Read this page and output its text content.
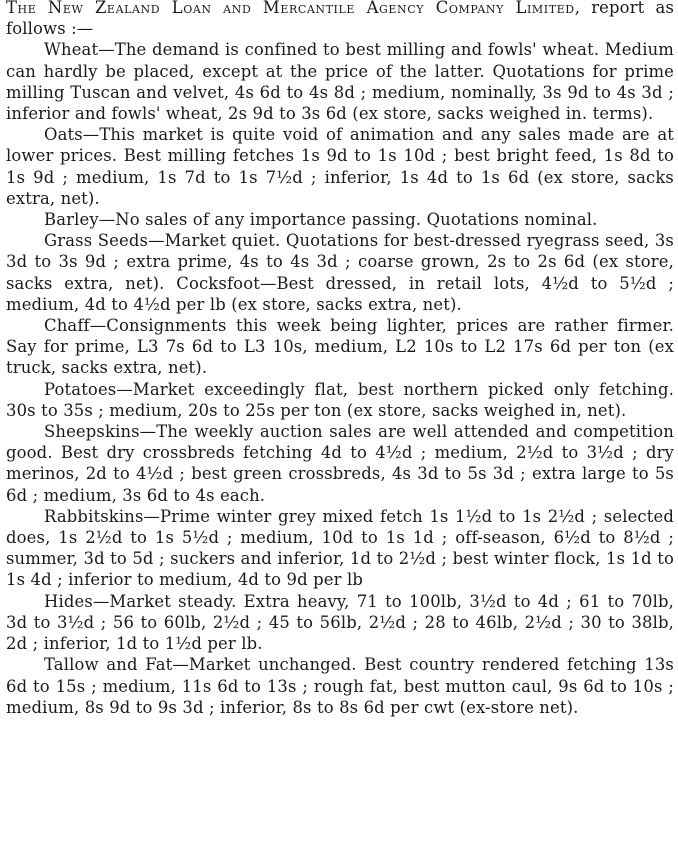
The New Zealand Loan and Mercantile Agency Company Limited, report as follows :—

Wheat—The demand is confined to best milling and fowls' wheat. Medium can hardly be placed, except at the price of the latter. Quotations for prime milling Tuscan and velvet, 4s 6d to 4s 8d ; medium, nominally, 3s 9d to 4s 3d ; inferior and fowls' wheat, 2s 9d to 3s 6d (ex store, sacks weighed in. terms).

Oats—This market is quite void of animation and any sales made are at lower prices. Best milling fetches 1s 9d to 1s 10d ; best bright feed, 1s 8d to 1s 9d ; medium, 1s 7d to 1s 7½d ; inferior, 1s 4d to 1s 6d (ex store, sacks extra, net).

Barley—No sales of any importance passing. Quotations nominal.

Grass Seeds—Market quiet. Quotations for best-dressed ryegrass seed, 3s 3d to 3s 9d ; extra prime, 4s to 4s 3d ; coarse grown, 2s to 2s 6d (ex store, sacks extra, net). Cocksfoot—Best dressed, in retail lots, 4½d to 5½d ; medium, 4d to 4½d per lb (ex store, sacks extra, net).

Chaff—Consignments this week being lighter, prices are rather firmer. Say for prime, L3 7s 6d to L3 10s, medium, L2 10s to L2 17s 6d per ton (ex truck, sacks extra, net).

Potatoes—Market exceedingly flat, best northern picked only fetching. 30s to 35s ; medium, 20s to 25s per ton (ex store, sacks weighed in, net).

Sheepskins—The weekly auction sales are well attended and competition good. Best dry crossbreds fetching 4d to 4½d ; medium, 2½d to 3½d ; dry merinos, 2d to 4½d ; best green crossbreds, 4s 3d to 5s 3d ; extra large to 5s 6d ; medium, 3s 6d to 4s each.

Rabbitskins—Prime winter grey mixed fetch 1s 1½d to 1s 2½d ; selected does, 1s 2½d to 1s 5½d ; medium, 10d to 1s 1d ; off-season, 6½d to 8½d ; summer, 3d to 5d ; suckers and inferior, 1d to 2½d ; best winter flock, 1s 1d to 1s 4d ; inferior to medium, 4d to 9d per lb

Hides—Market steady. Extra heavy, 71 to 100lb, 3½d to 4d ; 61 to 70lb, 3d to 3½d ; 56 to 60lb, 2½d ; 45 to 56lb, 2½d ; 28 to 46lb, 2½d ; 30 to 38lb, 2d ; inferior, 1d to 1½d per lb.

Tallow and Fat—Market unchanged. Best country rendered fetching 13s 6d to 15s ; medium, 11s 6d to 13s ; rough fat, best mutton caul, 9s 6d to 10s ; medium, 8s 9d to 9s 3d ; inferior, 8s to 8s 6d per cwt (ex-store net).
